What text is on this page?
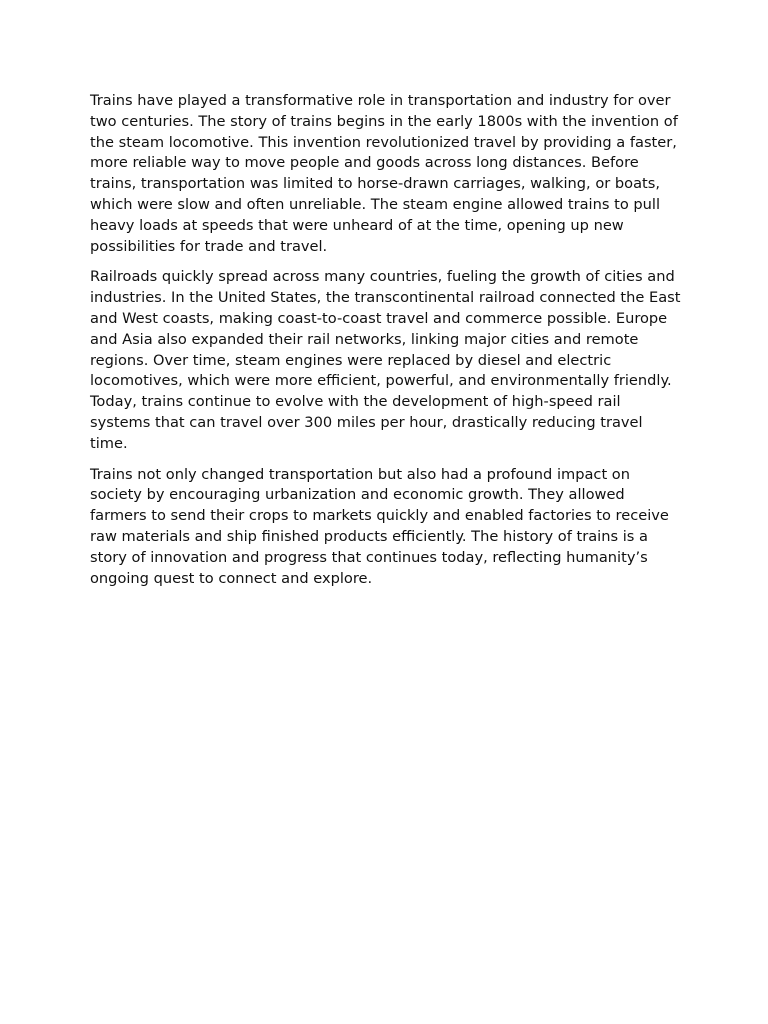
Trains have played a transformative role in transportation and industry for over two centuries. The story of trains begins in the early 1800s with the invention of the steam locomotive. This invention revolutionized travel by providing a faster, more reliable way to move people and goods across long distances. Before trains, transportation was limited to horse-drawn carriages, walking, or boats, which were slow and often unreliable. The steam engine allowed trains to pull heavy loads at speeds that were unheard of at the time, opening up new possibilities for trade and travel.

Railroads quickly spread across many countries, fueling the growth of cities and industries. In the United States, the transcontinental railroad connected the East and West coasts, making coast-to-coast travel and commerce possible. Europe and Asia also expanded their rail networks, linking major cities and remote regions. Over time, steam engines were replaced by diesel and electric locomotives, which were more efficient, powerful, and environmentally friendly. Today, trains continue to evolve with the development of high-speed rail systems that can travel over 300 miles per hour, drastically reducing travel time.

Trains not only changed transportation but also had a profound impact on society by encouraging urbanization and economic growth. They allowed farmers to send their crops to markets quickly and enabled factories to receive raw materials and ship finished products efficiently. The history of trains is a story of innovation and progress that continues today, reflecting humanity’s ongoing quest to connect and explore.
